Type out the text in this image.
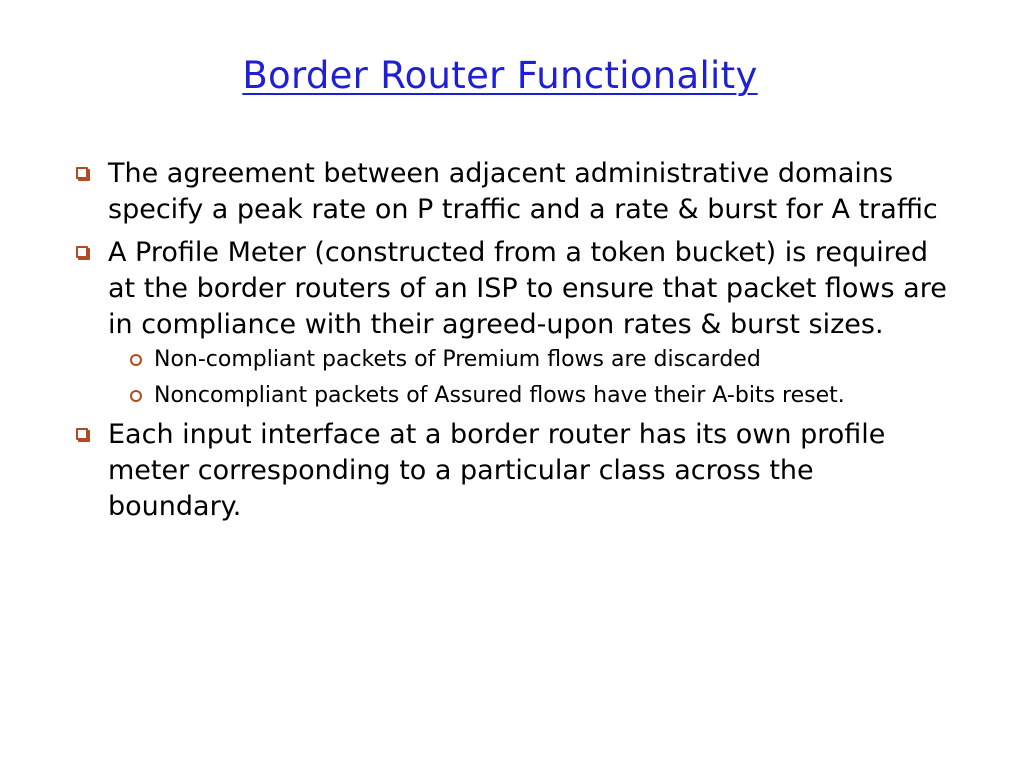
Border Router Functionality
The agreement between adjacent administrative domains specify a peak rate on P traffic and a rate & burst for A traffic
A Profile Meter (constructed from a token bucket) is required at the border routers of an ISP to ensure that packet flows are in compliance with their agreed-upon rates & burst sizes.
Non-compliant packets of Premium flows are discarded
Noncompliant packets of Assured flows have their A-bits reset.
Each input interface at a border router has its own profile meter corresponding to a particular class across the boundary.
